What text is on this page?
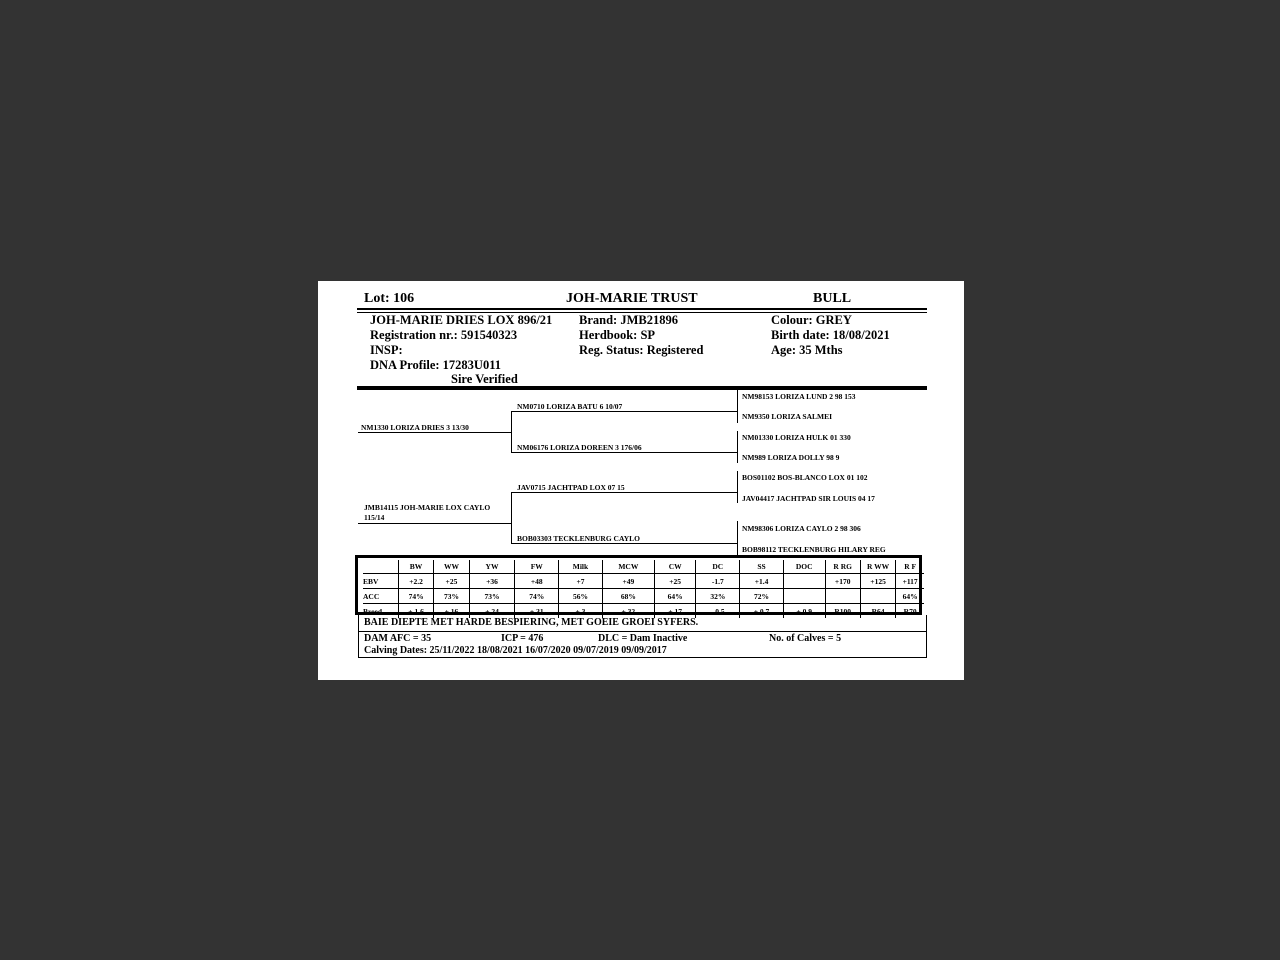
Lot: 106	JOH-MARIE TRUST	BULL
JOH-MARIE DRIES LOX 896/21
Registration nr.: 591540323
INSP:
DNA Profile: 17283U011
Sire Verified
Brand: JMB21896
Herdbook: SP
Reg. Status: Registered
Colour: GREY
Birth date: 18/08/2021
Age: 35 Mths
NM1330 LORIZA DRIES 3 13/30
JMB14115 JOH-MARIE LOX CAYLO 115/14
NM0710 LORIZA BATU 6 10/07
NM06176 LORIZA DOREEN 3 176/06
JAV0715 JACHTPAD LOX 07 15
BOB03303 TECKLENBURG CAYLO
NM98153 LORIZA LUND 2 98 153
NM9350 LORIZA SALMEI
NM01330 LORIZA HULK 01 330
NM989 LORIZA DOLLY 98 9
BOS01102 BOS-BLANCO LOX 01 102
JAV04417 JACHTPAD SIR LOUIS 04 17
NM98306 LORIZA CAYLO 2 98 306
BOB98112 TECKLENBURG HILARY REG
	BW	WW	YW	FW	Milk	MCW	CW	DC	SS	DOC	R RG	R WW	R F
EBV	+2.2	+25	+36	+48	+7	+49	+25	-1.7	+1.4		+170	+125	+117
ACC	74%	73%	73%	74%	56%	68%	64%	32%	72%				64%
Breed	+ 1.6	+ 16	+ 24	+ 31	+ 3	+ 32	+ 17	- 0.5	+ 0.7	+ 0.9	R100	R64	R70
BAIE DIEPTE MET HARDE BESPIERING, MET GOEIE GROEI SYFERS.
DAM AFC = 35	ICP = 476	DLC = Dam Inactive	No. of Calves = 5
Calving Dates: 25/11/2022 18/08/2021 16/07/2020 09/07/2019 09/09/2017
